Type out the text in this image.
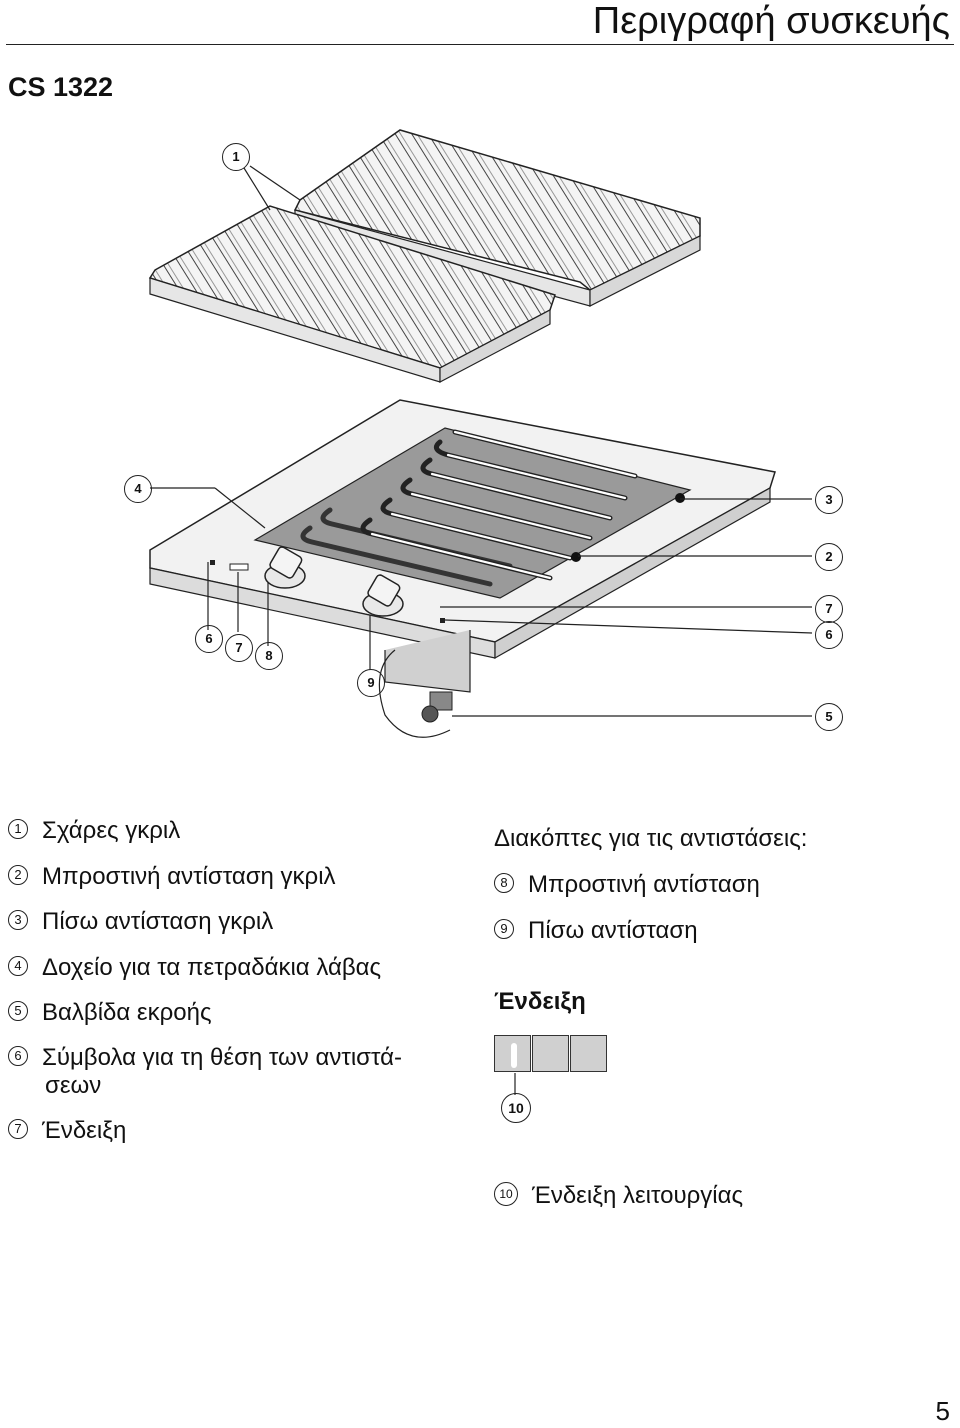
Περιγραφή συσκευής
CS 1322
1
2
3
4
5
6	6
7
7
8
9
1 Σχάρες γκριλ
2 Μπροστινή αντίσταση γκριλ
3 Πίσω αντίσταση γκριλ
4 Δοχείο για τα πετραδάκια λάβας
5 Βαλβίδα εκροής
6 Σύμβολα για τη θέση των αντιστά-
σεων
7 Ένδειξη
Διακόπτες για τις αντιστάσεις:
8 Μπροστινή αντίσταση
9 Πίσω αντίσταση
Ένδειξη
10
10 Ένδειξη λειτουργίας
5
